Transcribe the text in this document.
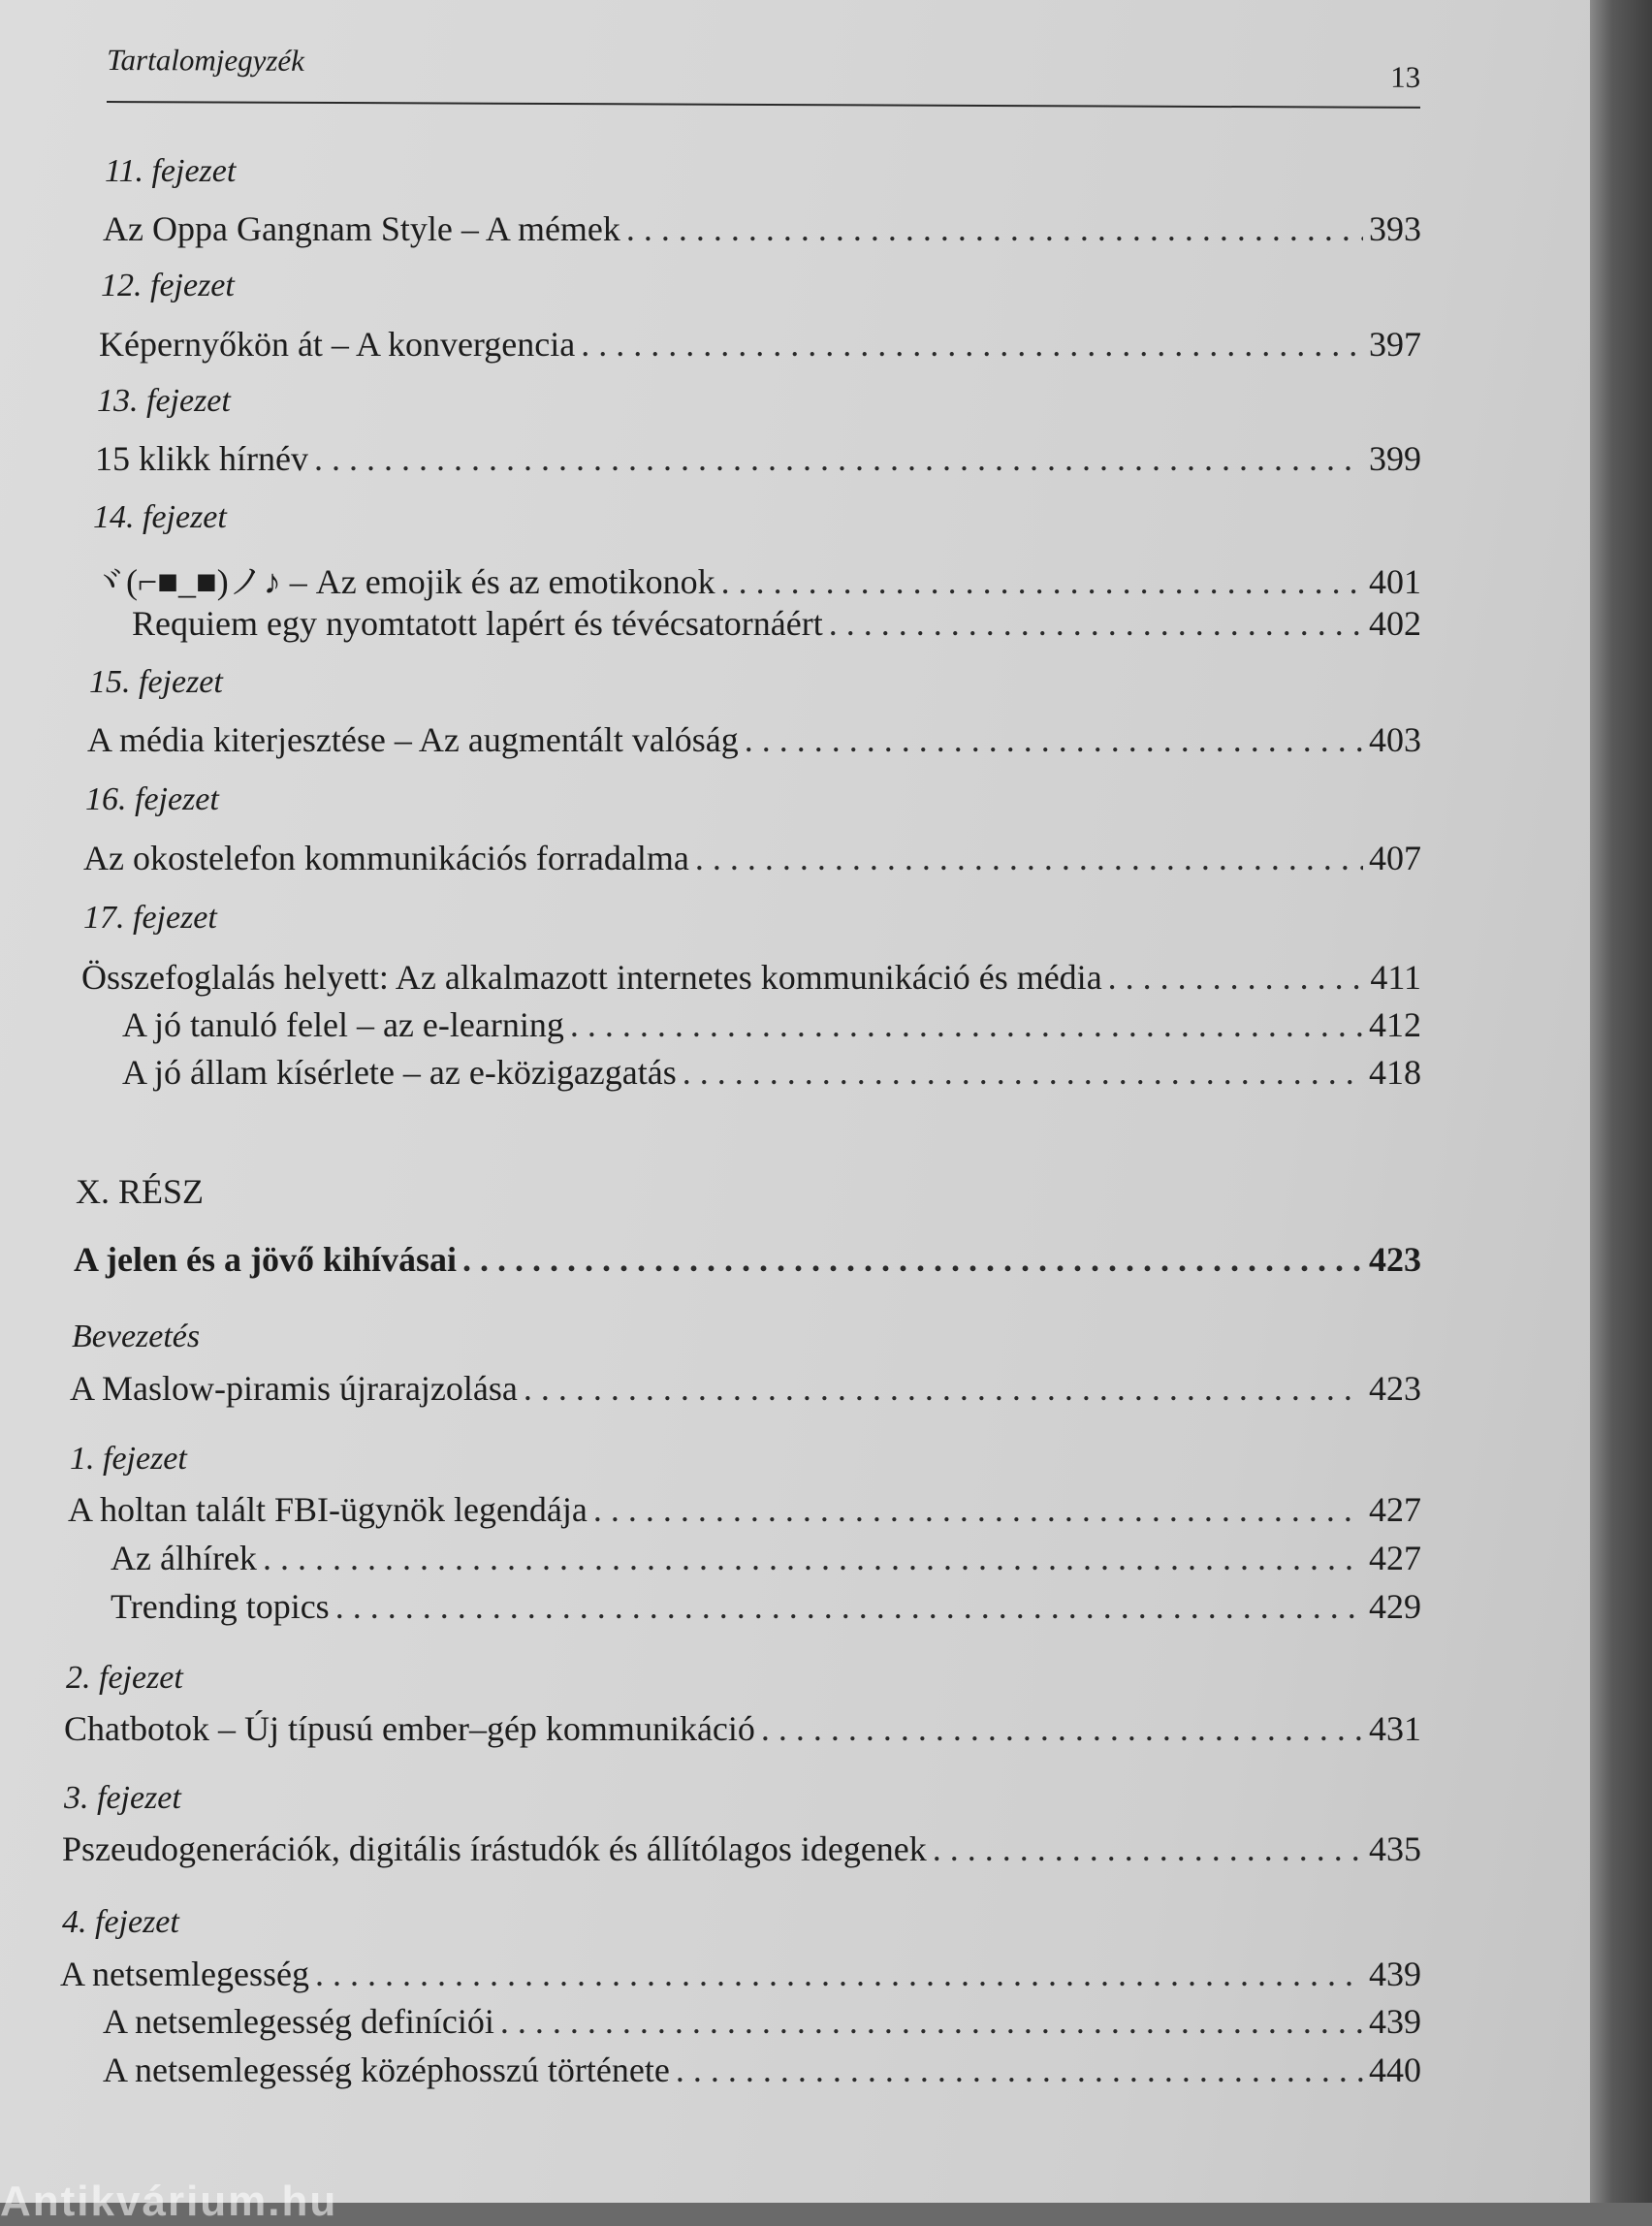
Tartalomjegyzék	13
11. fejezet
Az Oppa Gangnam Style – A mémek . . .	393
12. fejezet
Képernyőkön át – A konvergencia . . .	397
13. fejezet
15 klikk hírnév . . .	399
14. fejezet
ヾ(⌐■_■)ノ♪ – Az emojik és az emotikonok . . .	401
Requiem egy nyomtatott lapért és tévécsatornáért . . .	402
15. fejezet
A média kiterjesztése – Az augmentált valóság . . .	403
16. fejezet
Az okostelefon kommunikációs forradalma . . .	407
17. fejezet
Összefoglalás helyett: Az alkalmazott internetes kommunikáció és média . . .	411
A jó tanuló felel – az e-learning . . .	412
A jó állam kísérlete – az e-közigazgatás . . .	418
X. RÉSZ
A jelen és a jövő kihívásai . . .	423
Bevezetés
A Maslow-piramis újrarajzolása . . .	423
1. fejezet
A holtan talált FBI-ügynök legendája . . .	427
Az álhírek . . .	427
Trending topics . . .	429
2. fejezet
Chatbotok – Új típusú ember–gép kommunikáció . . .	431
3. fejezet
Pszeudogenerációk, digitális írástudók és állítólagos idegenek . . .	435
4. fejezet
A netsemlegesség . . .	439
A netsemlegesség definíciói . . .	439
A netsemlegesség középhosszú története . . .	440
Antikvárium.hu
